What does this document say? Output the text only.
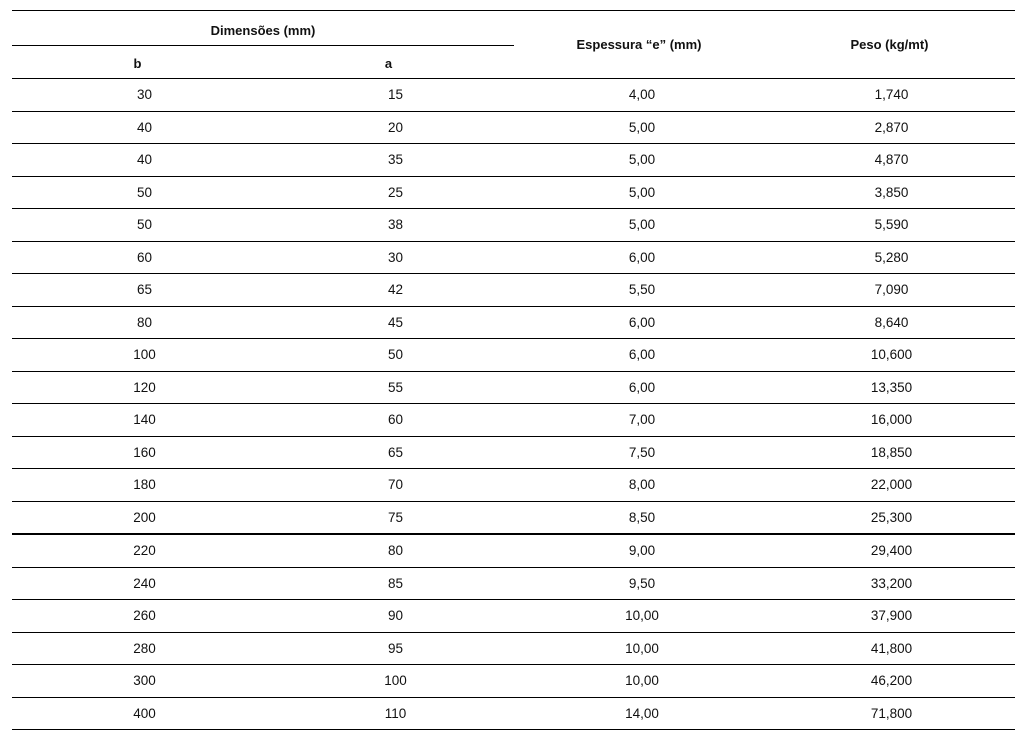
Dimensões (mm)		Espessura “e” (mm)	Peso (kg/mt)
b	a		
30	15	4,00	1,740
40	20	5,00	2,870
40	35	5,00	4,870
50	25	5,00	3,850
50	38	5,00	5,590
60	30	6,00	5,280
65	42	5,50	7,090
80	45	6,00	8,640
100	50	6,00	10,600
120	55	6,00	13,350
140	60	7,00	16,000
160	65	7,50	18,850
180	70	8,00	22,000
200	75	8,50	25,300
220	80	9,00	29,400
240	85	9,50	33,200
260	90	10,00	37,900
280	95	10,00	41,800
300	100	10,00	46,200
400	110	14,00	71,800
